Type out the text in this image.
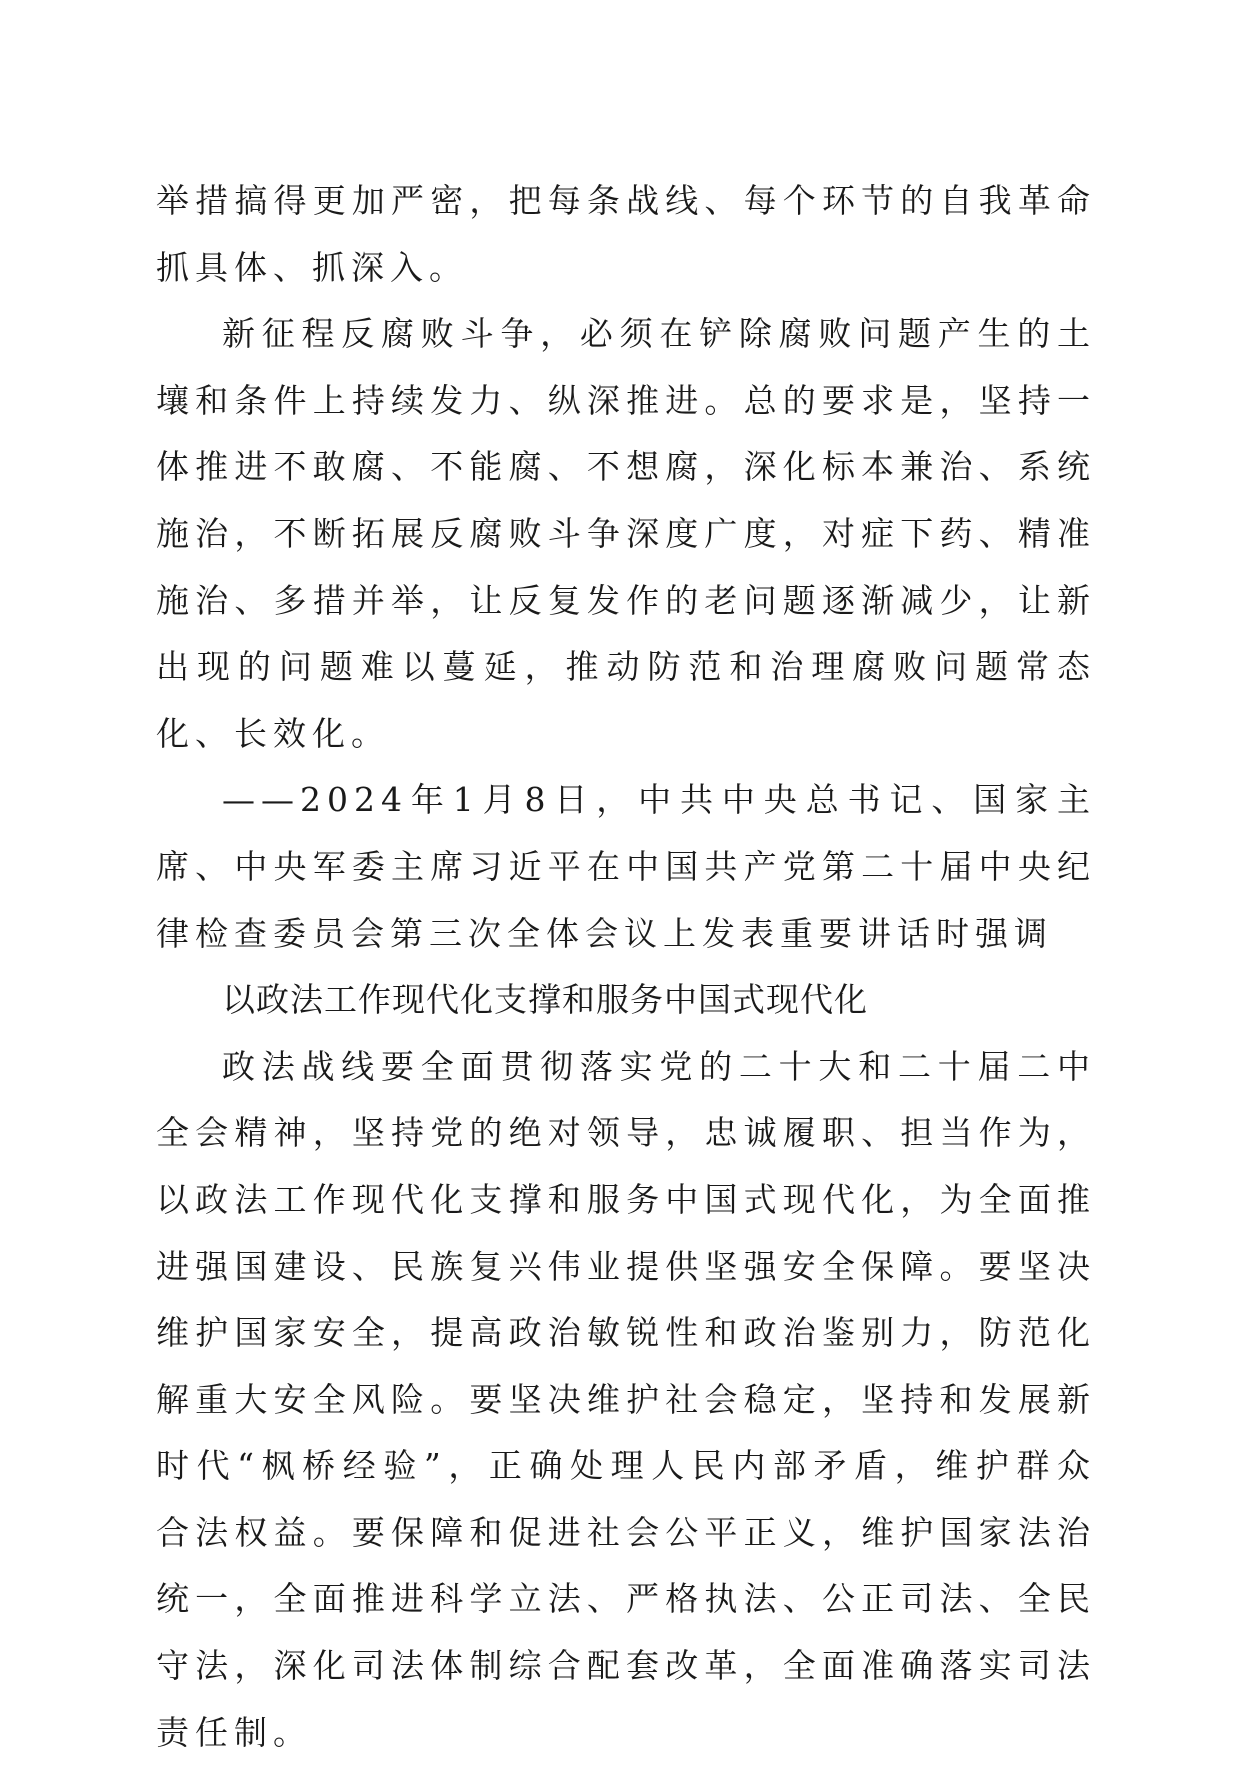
举措搞得更加严密，把每条战线、每个环节的自我革命抓具体、抓深入。

新征程反腐败斗争，必须在铲除腐败问题产生的土壤和条件上持续发力、纵深推进。总的要求是，坚持一体推进不敢腐、不能腐、不想腐，深化标本兼治、系统施治，不断拓展反腐败斗争深度广度，对症下药、精准施治、多措并举，让反复发作的老问题逐渐减少，让新出现的问题难以蔓延，推动防范和治理腐败问题常态化、长效化。

——2024年1月8日，中共中央总书记、国家主席、中央军委主席习近平在中国共产党第二十届中央纪律检查委员会第三次全体会议上发表重要讲话时强调

以政法工作现代化支撑和服务中国式现代化

政法战线要全面贯彻落实党的二十大和二十届二中全会精神，坚持党的绝对领导，忠诚履职、担当作为，以政法工作现代化支撑和服务中国式现代化，为全面推进强国建设、民族复兴伟业提供坚强安全保障。要坚决维护国家安全，提高政治敏锐性和政治鉴别力，防范化解重大安全风险。要坚决维护社会稳定，坚持和发展新时代“枫桥经验”，正确处理人民内部矛盾，维护群众合法权益。要保障和促进社会公平正义，维护国家法治统一，全面推进科学立法、严格执法、公正司法、全民守法，深化司法体制综合配套改革，全面准确落实司法责任制。
